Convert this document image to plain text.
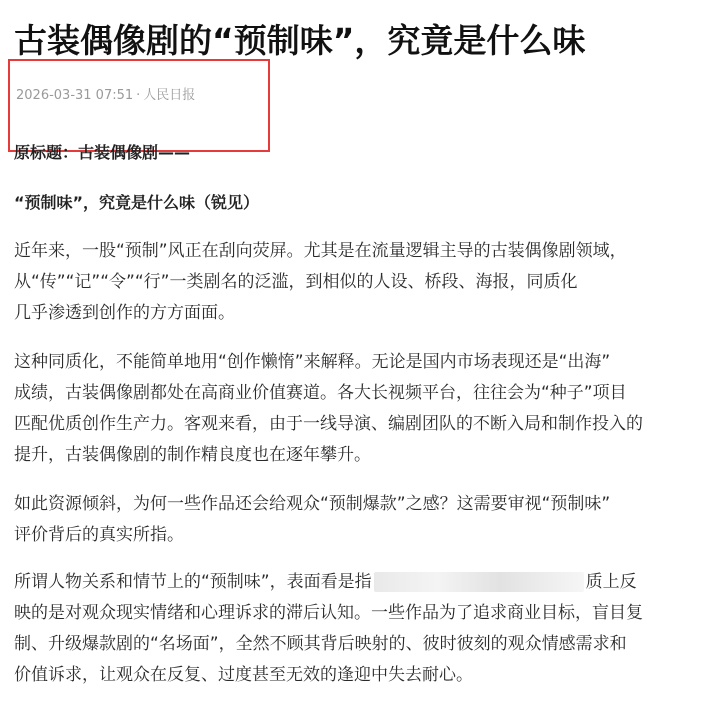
古装偶像剧的“预制味”，究竟是什么味
2026-03-31 07:51 · 人民日报
原标题：古装偶像剧——
“预制味”，究竟是什么味（锐见）

近年来，一股“预制”风正在刮向荧屏。尤其是在流量逻辑主导的古装偶像剧领域，
从“传”“记”“令”“行”一类剧名的泛滥，到相似的人设、桥段、海报，同质化
几乎渗透到创作的方方面面。

这种同质化，不能简单地用“创作懒惰”来解释。无论是国内市场表现还是“出海”
成绩，古装偶像剧都处在高商业价值赛道。各大长视频平台，往往会为“种子”项目
匹配优质创作生产力。客观来看，由于一线导演、编剧团队的不断入局和制作投入的
提升，古装偶像剧的制作精良度也在逐年攀升。

如此资源倾斜，为何一些作品还会给观众“预制爆款”之感？这需要审视“预制味”
评价背后的真实所指。

所谓人物关系和情节上的“预制味”，表面看是指	质上反
映的是对观众现实情绪和心理诉求的滞后认知。一些作品为了追求商业目标，盲目复
制、升级爆款剧的“名场面”，全然不顾其背后映射的、彼时彼刻的观众情感需求和
价值诉求，让观众在反复、过度甚至无效的逢迎中失去耐心。
